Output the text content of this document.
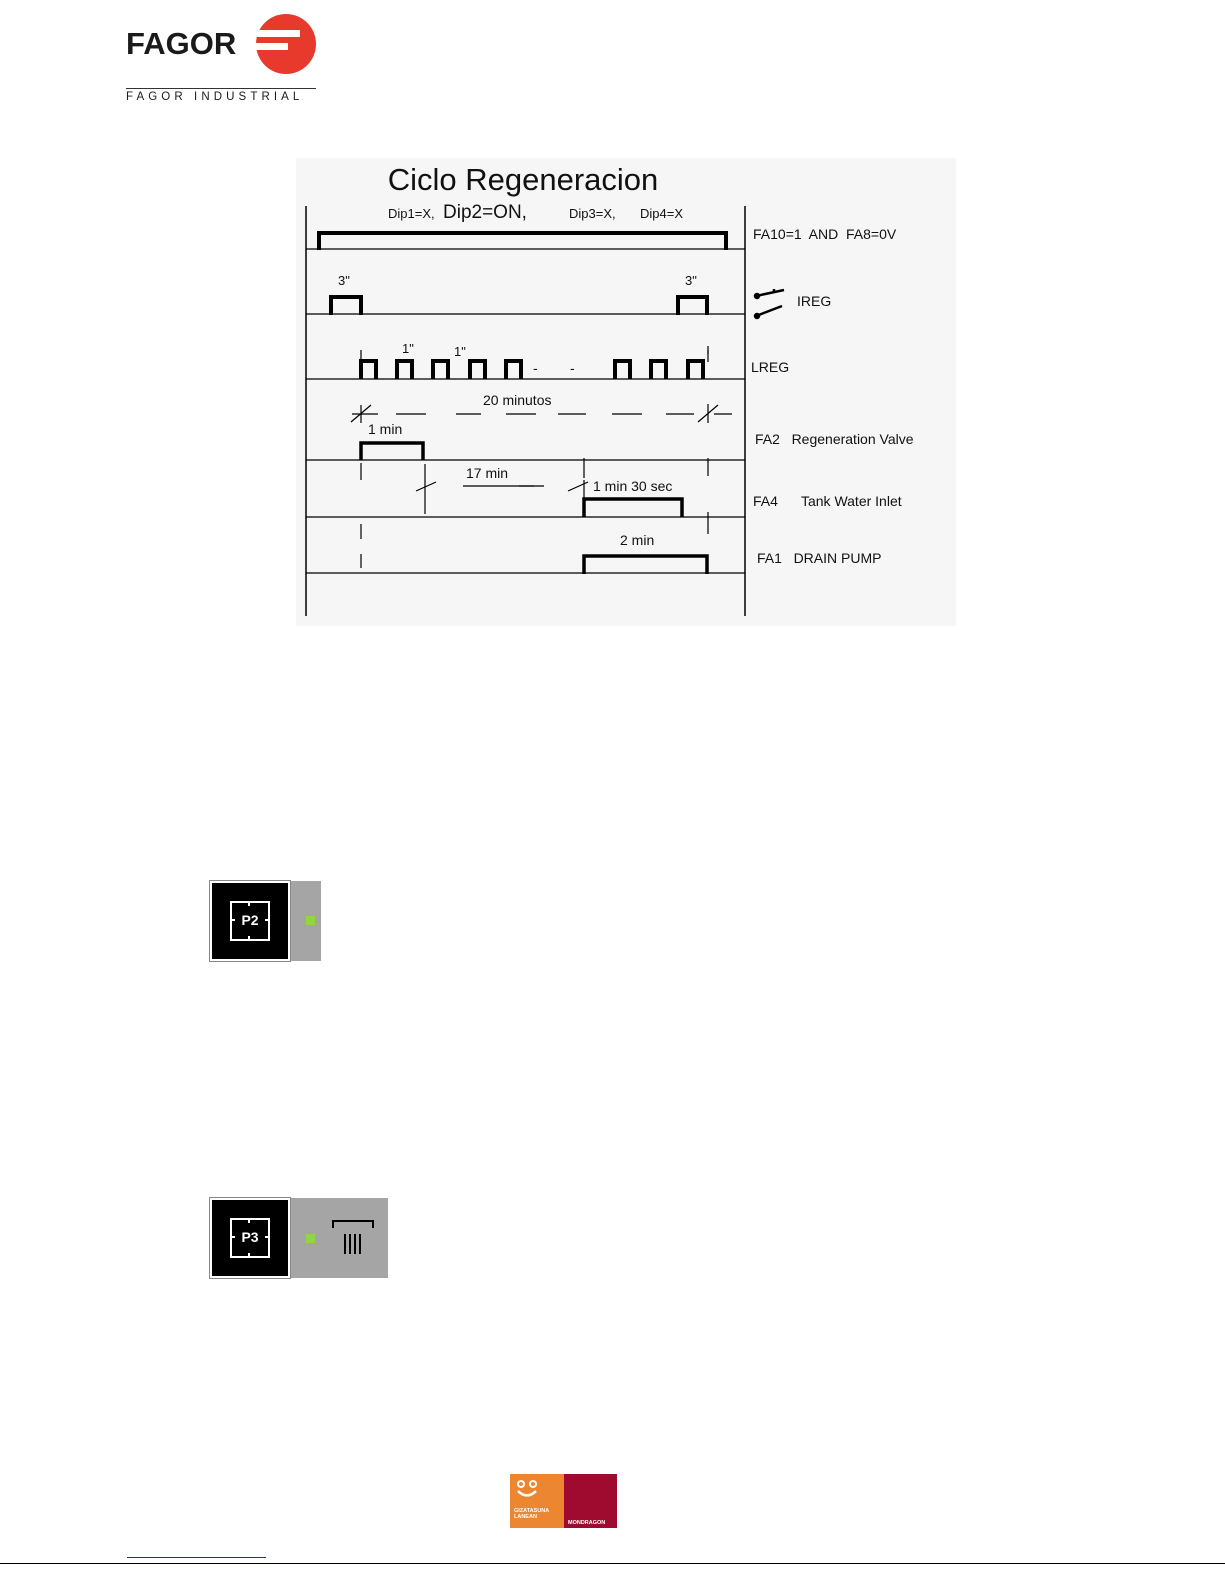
FAGOR
FAGOR INDUSTRIAL
Ciclo Regeneracion
Dip1=X, Dip2=ON,	Dip3=X, Dip4=X
3"	3"
1"	1"
- -
20 minutos
1 min
17 min
1 min 30 sec
2 min
FA10=1  AND  FA8=0V
IREG
LREG
FA2   Regeneration Valve
FA4      Tank Water Inlet
FA1   DRAIN PUMP
P2
P3
GIZATASUNA
LANEAN
MONDRAGON
